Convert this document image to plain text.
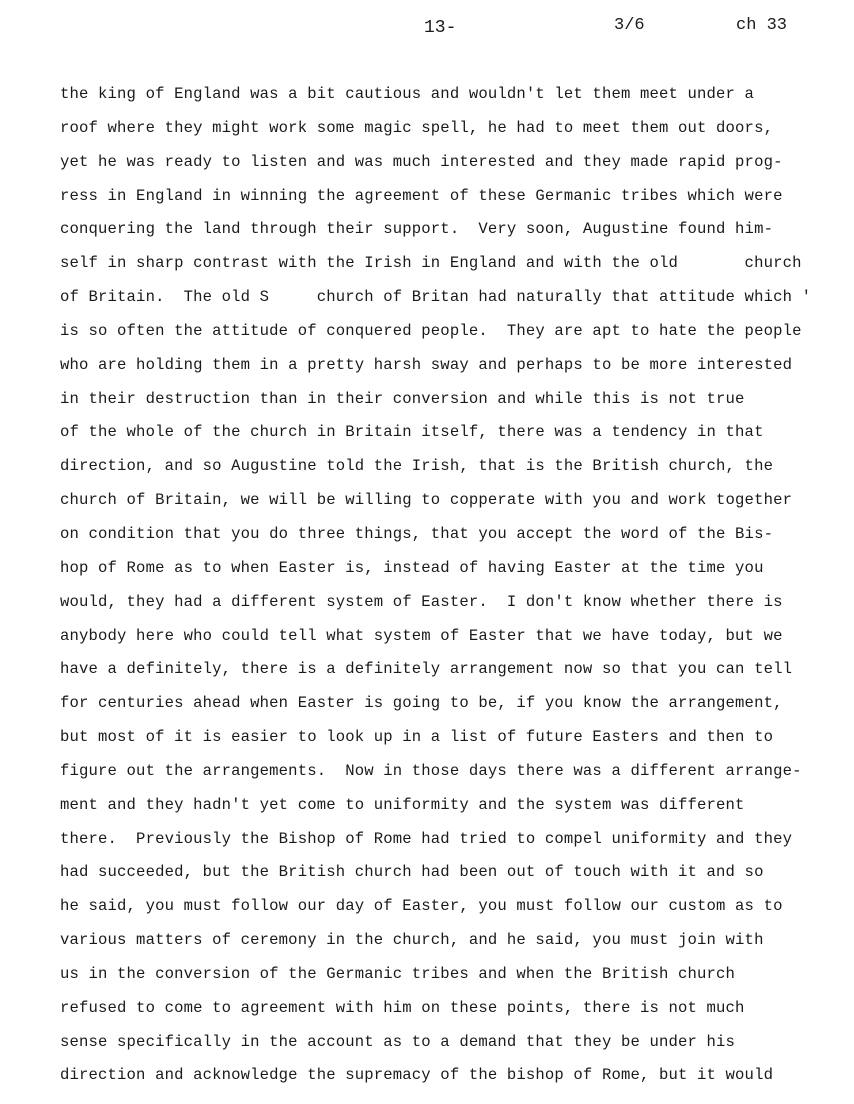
13-	3/6	ch 33
the king of England was a bit cautious and wouldn't let them meet under a
roof where they might work some magic spell, he had to meet them out doors,
yet he was ready to listen and was much interested and they made rapid prog-
ress in England in winning the agreement of these Germanic tribes which were
conquering the land through their support.  Very soon, Augustine found him-
self in sharp contrast with the Irish in England and with the old       church
of Britain.  The old S     church of Britan had naturally that attitude which '
is so often the attitude of conquered people.  They are apt to hate the people
who are holding them in a pretty harsh sway and perhaps to be more interested
in their destruction than in their conversion and while this is not true
of the whole of the church in Britain itself, there was a tendency in that
direction, and so Augustine told the Irish, that is the British church, the
church of Britain, we will be willing to copperate with you and work together
on condition that you do three things, that you accept the word of the Bis-
hop of Rome as to when Easter is, instead of having Easter at the time you
would, they had a different system of Easter.  I don't know whether there is
anybody here who could tell what system of Easter that we have today, but we
have a definitely, there is a definitely arrangement now so that you can tell
for centuries ahead when Easter is going to be, if you know the arrangement,
but most of it is easier to look up in a list of future Easters and then to
figure out the arrangements.  Now in those days there was a different arrange-
ment and they hadn't yet come to uniformity and the system was different
there.  Previously the Bishop of Rome had tried to compel uniformity and they
had succeeded, but the British church had been out of touch with it and so
he said, you must follow our day of Easter, you must follow our custom as to
various matters of ceremony in the church, and he said, you must join with
us in the conversion of the Germanic tribes and when the British church
refused to come to agreement with him on these points, there is not much
sense specifically in the account as to a demand that they be under his
direction and acknowledge the supremacy of the bishop of Rome, but it would
